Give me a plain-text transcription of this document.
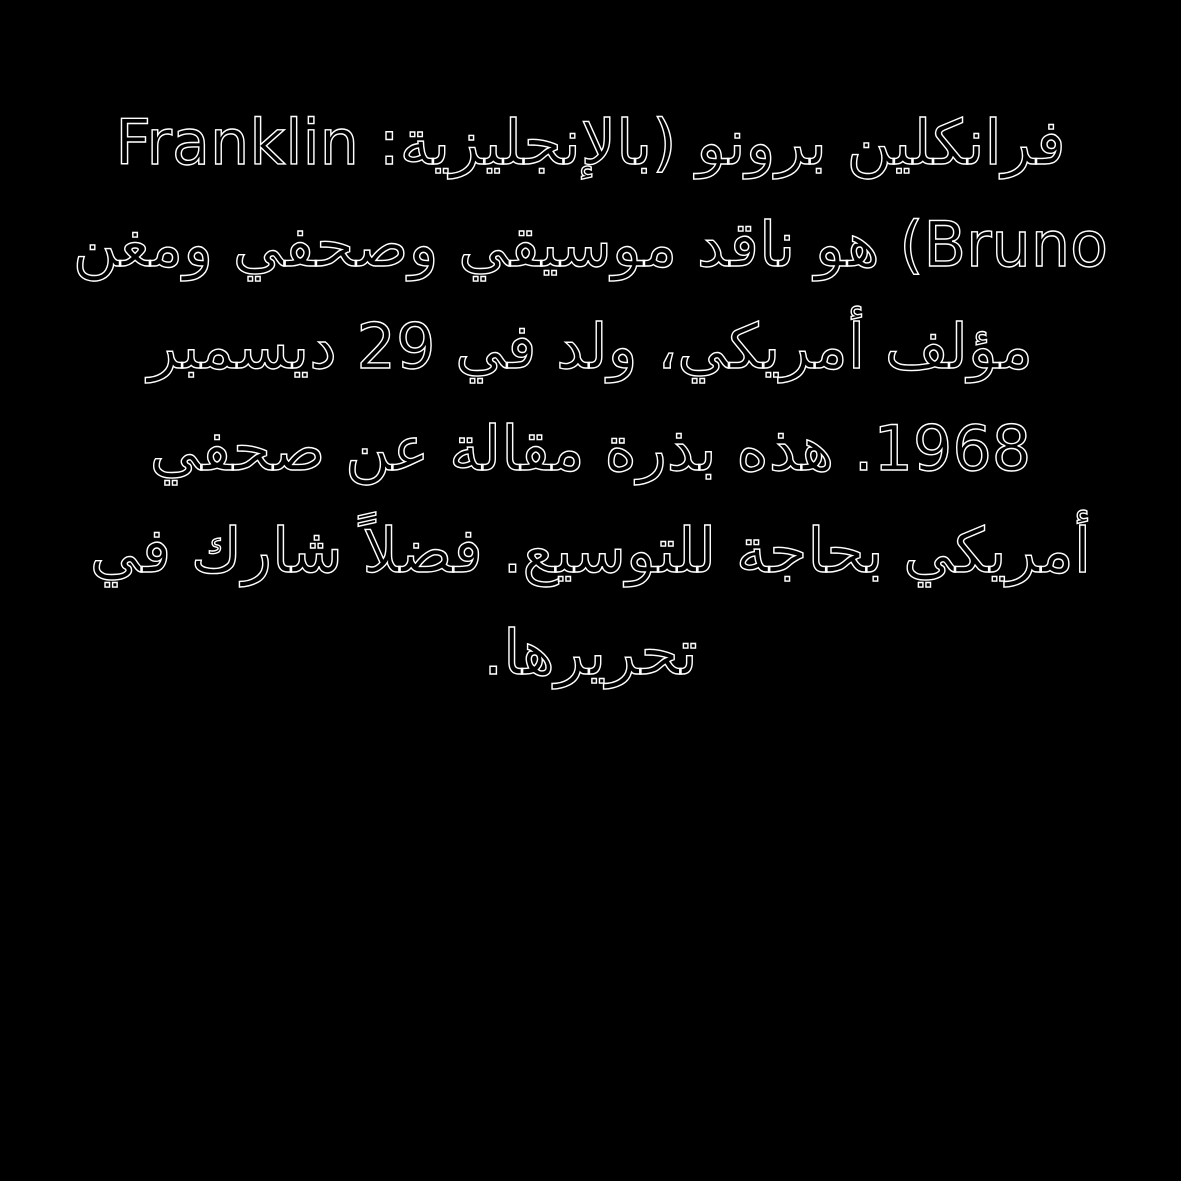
فرانكلين برونو (بالإنجليزية: Franklin Bruno) هو ناقد موسيقي وصحفي ومغن مؤلف أمريكي، ولد في 29 ديسمبر 1968. هذه بذرة مقالة عن صحفي أمريكي بحاجة للتوسيع. فضلاً شارك في تحريرها.
